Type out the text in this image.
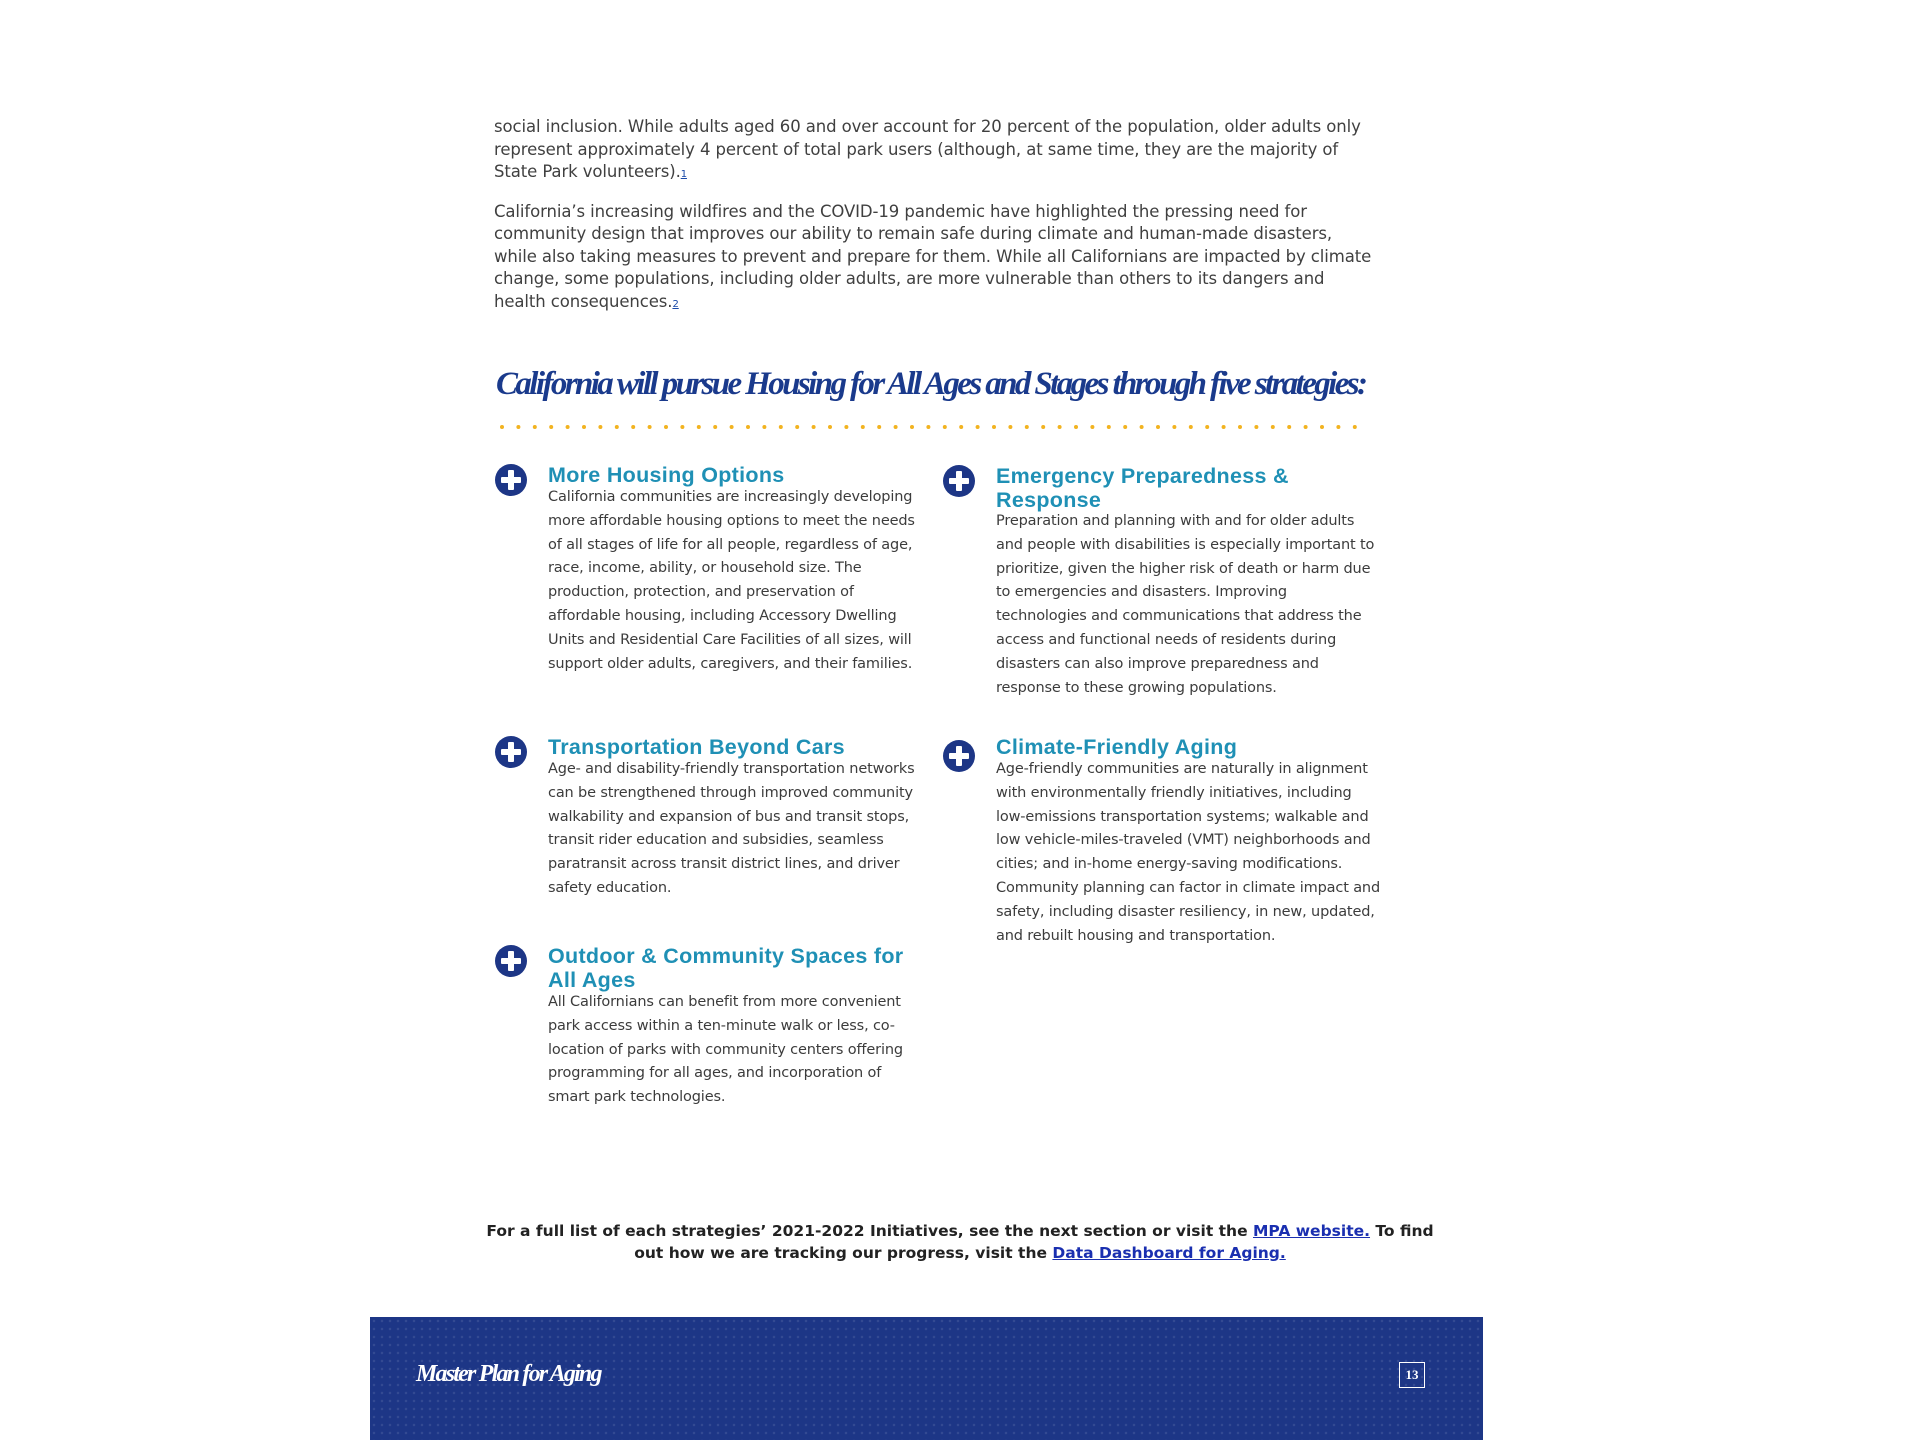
social inclusion. While adults aged 60 and over account for 20 percent of the population, older adults only represent approximately 4 percent of total park users (although, at same time, they are the majority of State Park volunteers).1

California’s increasing wildfires and the COVID-19 pandemic have highlighted the pressing need for community design that improves our ability to remain safe during climate and human-made disasters, while also taking measures to prevent and prepare for them. While all Californians are impacted by climate change, some populations, including older adults, are more vulnerable than others to its dangers and health consequences.2

California will pursue Housing for All Ages and Stages through five strategies:
More Housing Options
California communities are increasingly developing more affordable housing options to meet the needs of all stages of life for all people, regardless of age, race, income, ability, or household size. The production, protection, and preservation of affordable housing, including Accessory Dwelling Units and Residential Care Facilities of all sizes, will support older adults, caregivers, and their families.
Emergency Preparedness & Response
Preparation and planning with and for older adults and people with disabilities is especially important to prioritize, given the higher risk of death or harm due to emergencies and disasters. Improving technologies and communications that address the access and functional needs of residents during disasters can also improve preparedness and response to these growing populations.
Transportation Beyond Cars
Age- and disability-friendly transportation networks can be strengthened through improved community walkability and expansion of bus and transit stops, transit rider education and subsidies, seamless paratransit across transit district lines, and driver safety education.
Climate-Friendly Aging
Age-friendly communities are naturally in alignment with environmentally friendly initiatives, including low-emissions transportation systems; walkable and low vehicle-miles-traveled (VMT) neighborhoods and cities; and in-home energy-saving modifications. Community planning can factor in climate impact and safety, including disaster resiliency, in new, updated, and rebuilt housing and transportation.
Outdoor & Community Spaces for All Ages
All Californians can benefit from more convenient park access within a ten-minute walk or less, co-location of parks with community centers offering programming for all ages, and incorporation of smart park technologies.
For a full list of each strategies’ 2021-2022 Initiatives, see the next section or visit the MPA website. To find out how we are tracking our progress, visit the Data Dashboard for Aging.
Master Plan for Aging	13
